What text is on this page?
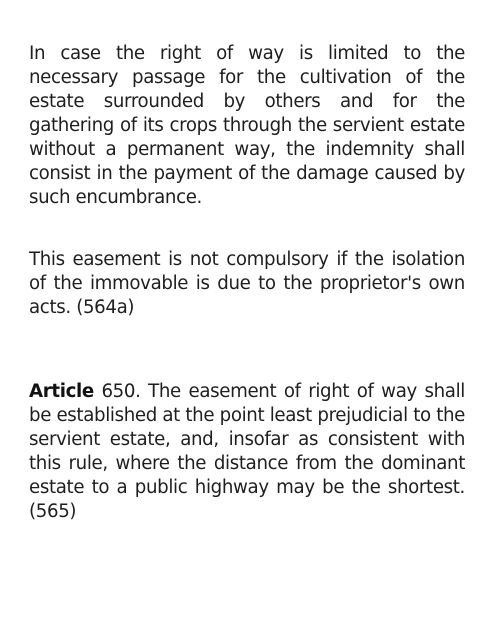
In case the right of way is limited to the necessary passage for the cultivation of the estate surrounded by others and for the gathering of its crops through the servient estate without a permanent way, the indemnity shall consist in the payment of the damage caused by such encumbrance.

This easement is not compulsory if the isolation of the immovable is due to the proprietor's own acts. (564a)

Article 650. The easement of right of way shall be established at the point least prejudicial to the servient estate, and, insofar as consistent with this rule, where the distance from the dominant estate to a public highway may be the shortest. (565)
